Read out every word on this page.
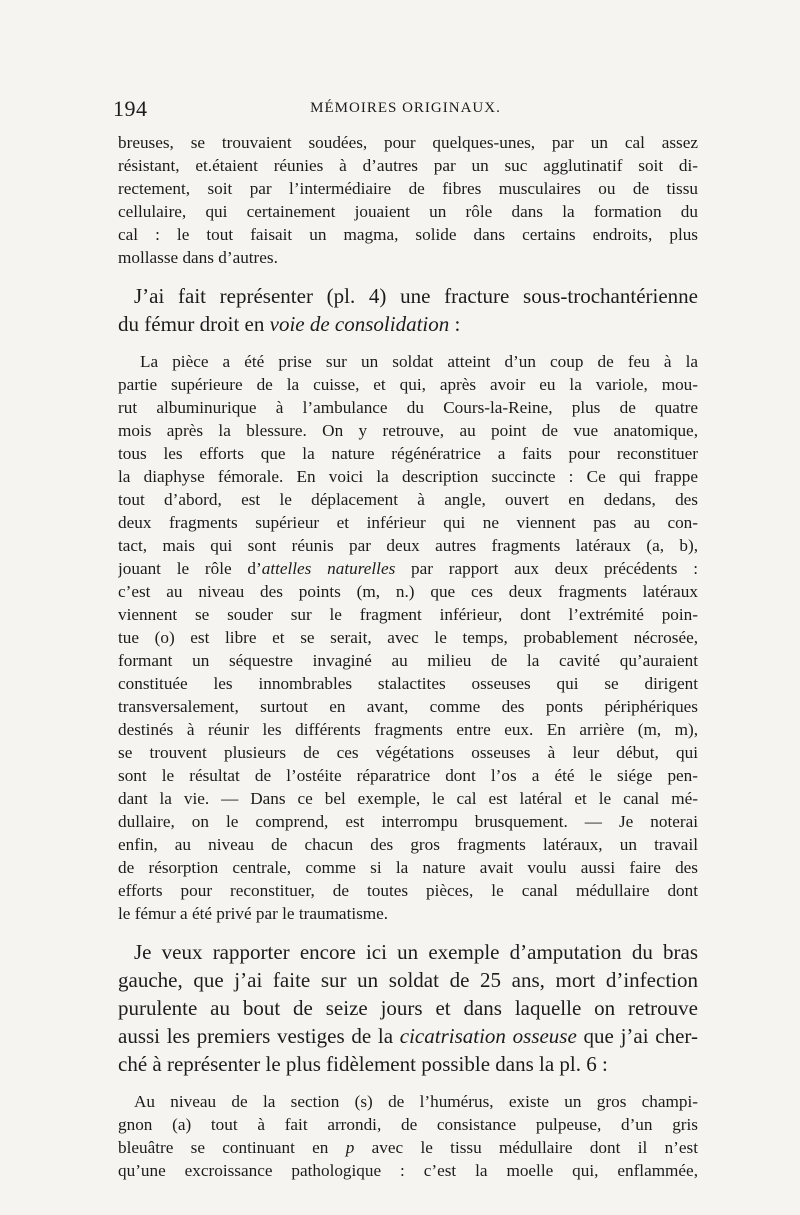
194	MÉMOIRES ORIGINAUX.
breuses, se trouvaient soudées, pour quelques-unes, par un cal assez
résistant, et.étaient réunies à d’autres par un suc agglutinatif soit di-
rectement, soit par l’intermédiaire de fibres musculaires ou de tissu
cellulaire, qui certainement jouaient un rôle dans la formation du
cal : le tout faisait un magma, solide dans certains endroits, plus
mollasse dans d’autres.
J’ai fait représenter (pl. 4) une fracture sous-trochantérienne
du fémur droit en voie de consolidation :
La pièce a été prise sur un soldat atteint d’un coup de feu à la
partie supérieure de la cuisse, et qui, après avoir eu la variole, mou-
rut albuminurique à l’ambulance du Cours-la-Reine, plus de quatre
mois après la blessure. On y retrouve, au point de vue anatomique,
tous les efforts que la nature régénératrice a faits pour reconstituer
la diaphyse fémorale. En voici la description succincte : Ce qui frappe
tout d’abord, est le déplacement à angle, ouvert en dedans, des
deux fragments supérieur et inférieur qui ne viennent pas au con-
tact, mais qui sont réunis par deux autres fragments latéraux (a, b),
jouant le rôle d’attelles naturelles par rapport aux deux précédents :
c’est au niveau des points (m, n.) que ces deux fragments latéraux
viennent se souder sur le fragment inférieur, dont l’extrémité poin-
tue (o) est libre et se serait, avec le temps, probablement nécrosée,
formant un séquestre invaginé au milieu de la cavité qu’auraient
constituée les innombrables stalactites osseuses qui se dirigent
transversalement, surtout en avant, comme des ponts périphériques
destinés à réunir les différents fragments entre eux. En arrière (m, m),
se trouvent plusieurs de ces végétations osseuses à leur début, qui
sont le résultat de l’ostéite réparatrice dont l’os a été le siége pen-
dant la vie. — Dans ce bel exemple, le cal est latéral et le canal mé-
dullaire, on le comprend, est interrompu brusquement. — Je noterai
enfin, au niveau de chacun des gros fragments latéraux, un travail
de résorption centrale, comme si la nature avait voulu aussi faire des
efforts pour reconstituer, de toutes pièces, le canal médullaire dont
le fémur a été privé par le traumatisme.
Je veux rapporter encore ici un exemple d’amputation du bras
gauche, que j’ai faite sur un soldat de 25 ans, mort d’infection
purulente au bout de seize jours et dans laquelle on retrouve
aussi les premiers vestiges de la cicatrisation osseuse que j’ai cher-
ché à représenter le plus fidèlement possible dans la pl. 6 :
Au niveau de la section (s) de l’humérus, existe un gros champi-
gnon (a) tout à fait arrondi, de consistance pulpeuse, d’un gris
bleuâtre se continuant en p avec le tissu médullaire dont il n’est
qu’une excroissance pathologique : c’est la moelle qui, enflammée,
